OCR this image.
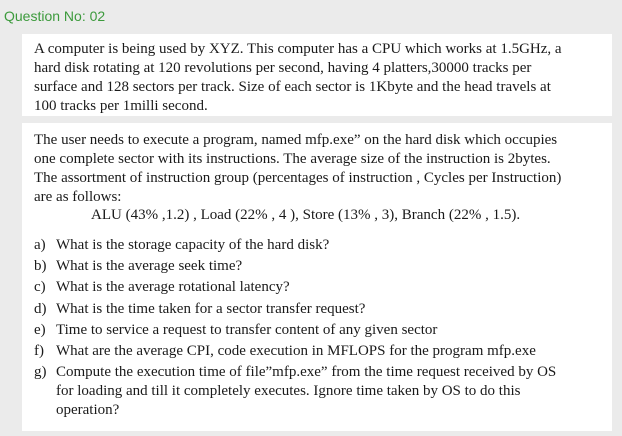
Question No: 02

A computer is being used by XYZ. This computer has a CPU which works at 1.5GHz, a
hard disk rotating at 120 revolutions per second, having 4 platters,30000 tracks per
surface and 128 sectors per track. Size of each sector is 1Kbyte and the head travels at
100 tracks per 1milli second.

The user needs to execute a program, named mfp.exe” on the hard disk which occupies
one complete sector with its instructions. The average size of the instruction is 2bytes.
The assortment of instruction group (percentages of instruction , Cycles per Instruction)
are as follows:

ALU (43% ,1.2) , Load (22% , 4 ), Store (13% , 3), Branch (22% , 1.5).
a) What is the storage capacity of the hard disk?
b) What is the average seek time?
c) What is the average rotational latency?
d) What is the time taken for a sector transfer request?
e) Time to service a request to transfer content of any given sector
f) What are the average CPI, code execution in MFLOPS for the program mfp.exe
g) Compute the execution time of file”mfp.exe” from the time request received by OS
for loading and till it completely executes. Ignore time taken by OS to do this
operation?
